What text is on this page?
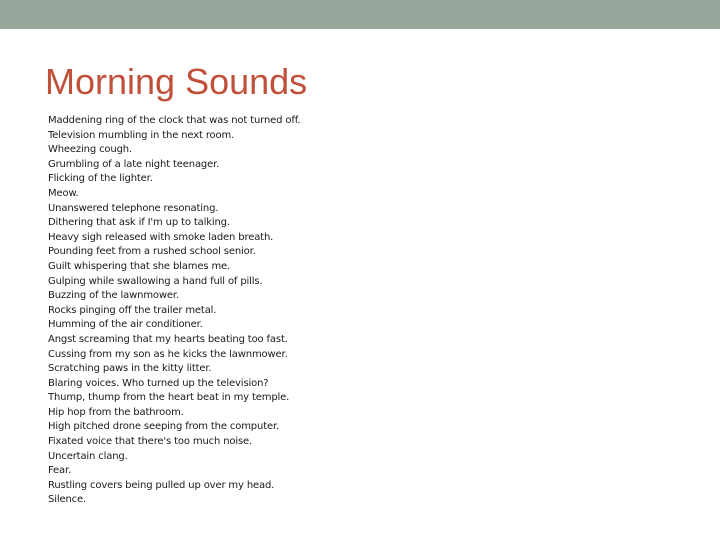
Morning Sounds
Maddening ring of the clock that was not turned off.
Television mumbling in the next room.
Wheezing cough.
Grumbling of a late night teenager.
Flicking of the lighter.
Meow.
Unanswered telephone resonating.
Dithering that ask if I'm up to talking.
Heavy sigh released with smoke laden breath.
Pounding feet from a rushed school senior.
Guilt whispering that she blames me.
Gulping while swallowing a hand full of pills.
Buzzing of the lawnmower.
Rocks pinging off the trailer metal.
Humming of the air conditioner.
Angst screaming that my hearts beating too fast.
Cussing from my son as he kicks the lawnmower.
Scratching paws in the kitty litter.
Blaring voices. Who turned up the television?
Thump, thump from the heart beat in my temple.
Hip hop from the bathroom.
High pitched drone seeping from the computer.
Fixated voice that there's too much noise.
Uncertain clang.
Fear.
Rustling covers being pulled up over my head.
Silence.
